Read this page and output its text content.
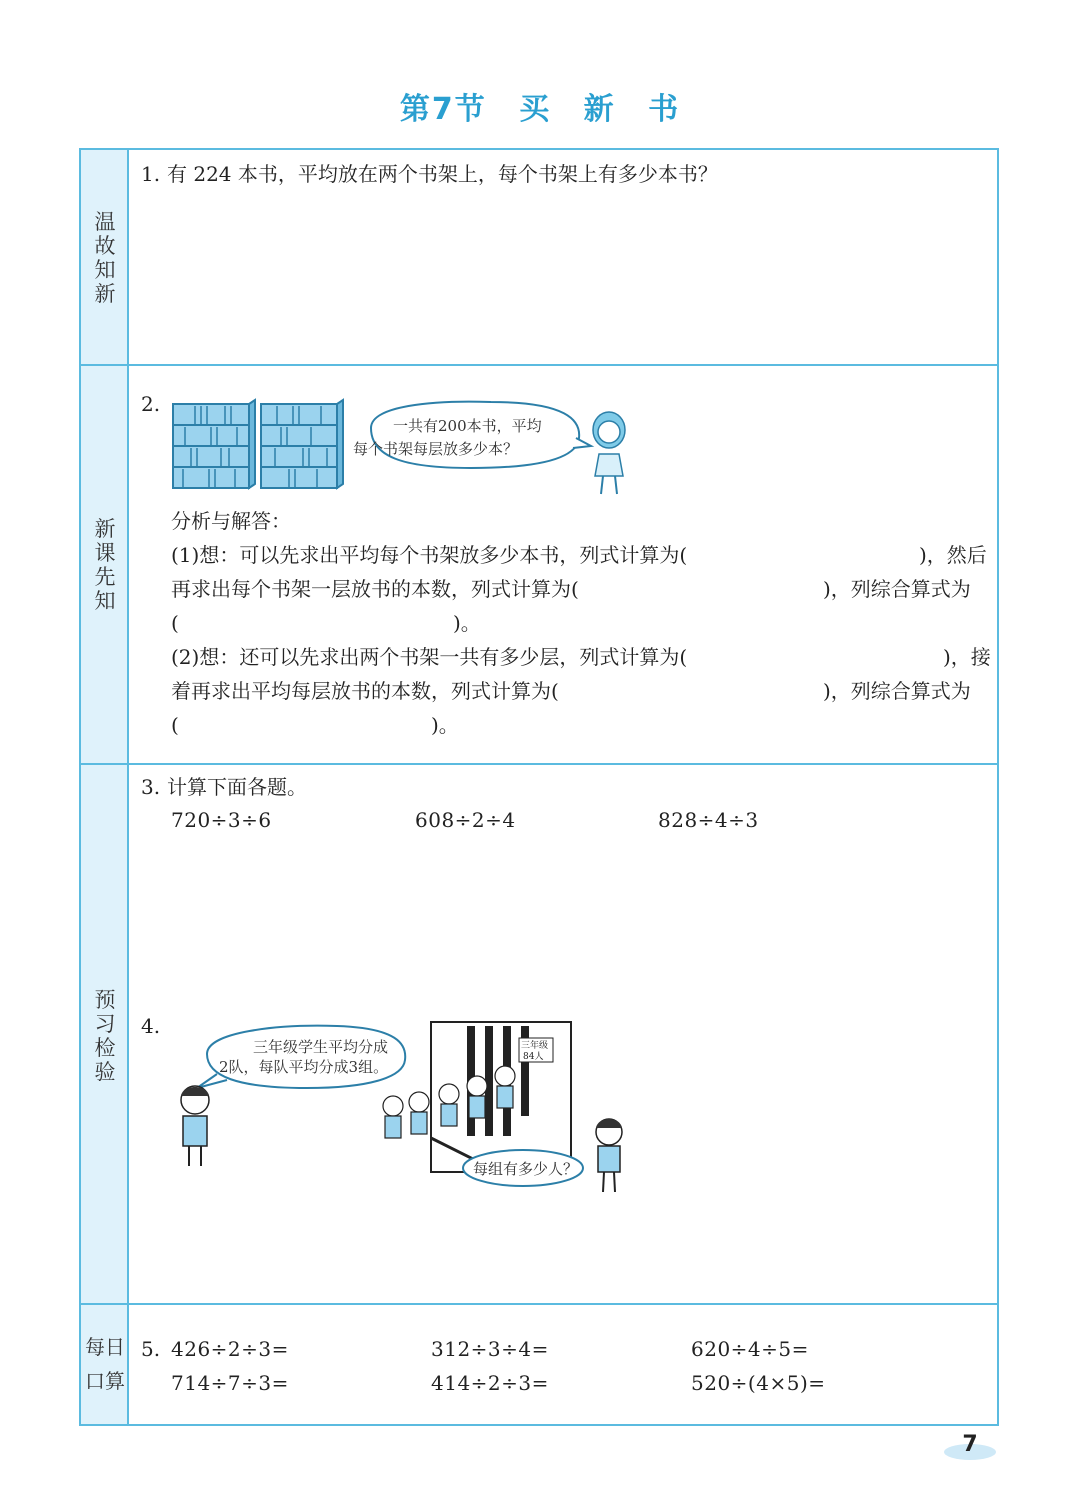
第7节 买 新 书
温
故
知
新
新
课
先
知
预
习
检
验
每日
口算
1. 有 224 本书，平均放在两个书架上，每个书架上有多少本书？
2.
一共有200本书，平均
每个书架每层放多少本？
分析与解答：
(1)想：可以先求出平均每个书架放多少本书，列式计算为(	)，然后
再求出每个书架一层放书的本数，列式计算为(	)，列综合算式为
(	)。
(2)想：还可以先求出两个书架一共有多少层，列式计算为(	)，接
着再求出平均每层放书的本数，列式计算为(	)，列综合算式为
(	)。
3. 计算下面各题。
720÷3÷6	608÷2÷4	828÷4÷3
4.
三年级学生平均分成
2队，每队平均分成3组。
三年级
84人
每组有多少人？
5. 426÷2÷3=	312÷3÷4=	620÷4÷5=
714÷7÷3=	414÷2÷3=	520÷(4×5)=
7
